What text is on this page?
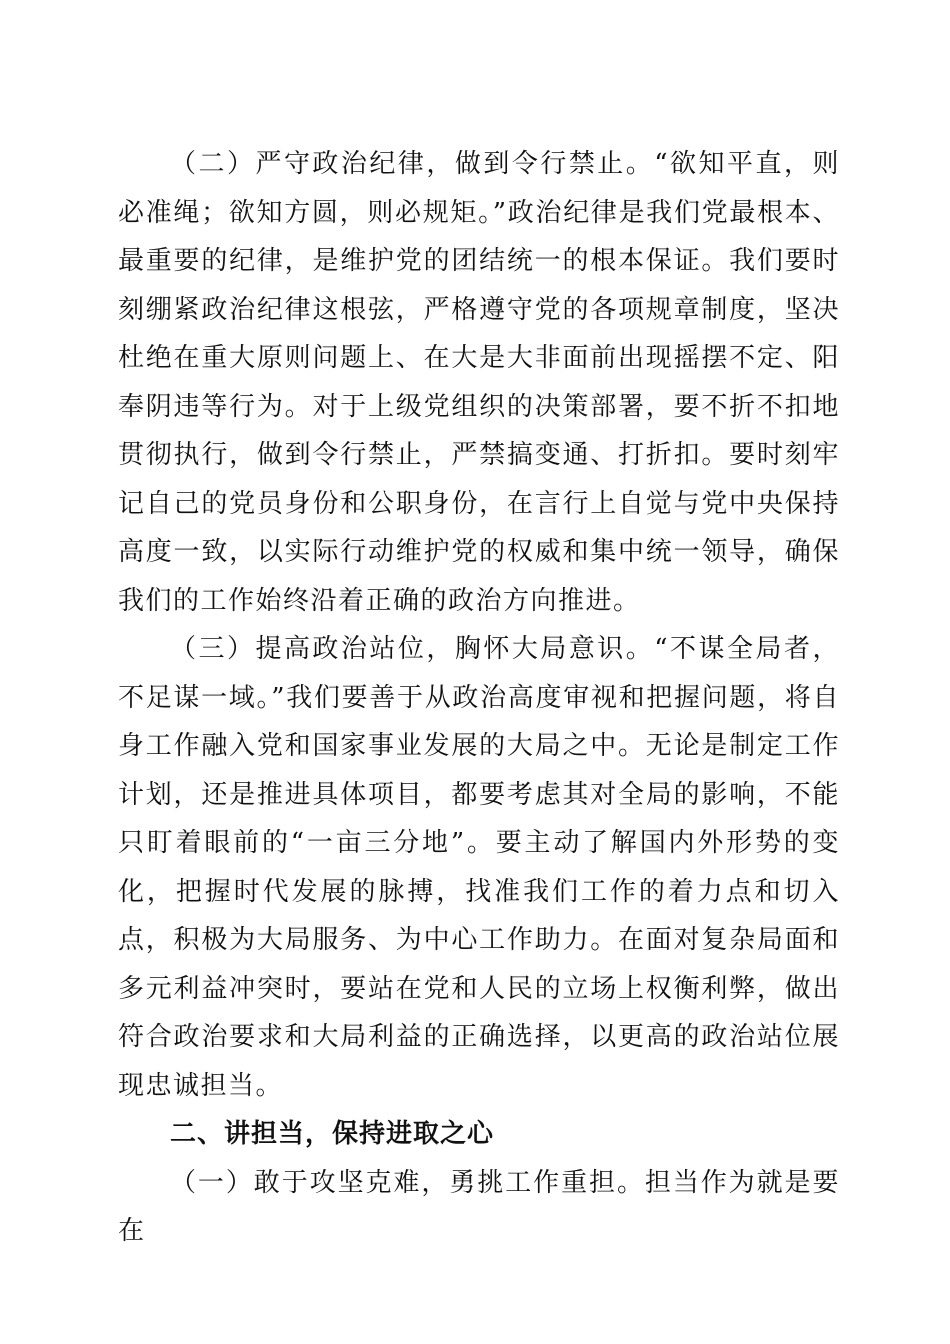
（二）严守政治纪律，做到令行禁止。“欲知平直，则必准绳；欲知方圆，则必规矩。”政治纪律是我们党最根本、最重要的纪律，是维护党的团结统一的根本保证。我们要时刻绷紧政治纪律这根弦，严格遵守党的各项规章制度，坚决杜绝在重大原则问题上、在大是大非面前出现摇摆不定、阳奉阴违等行为。对于上级党组织的决策部署，要不折不扣地贯彻执行，做到令行禁止，严禁搞变通、打折扣。要时刻牢记自己的党员身份和公职身份，在言行上自觉与党中央保持高度一致，以实际行动维护党的权威和集中统一领导，确保我们的工作始终沿着正确的政治方向推进。

（三）提高政治站位，胸怀大局意识。“不谋全局者，不足谋一域。”我们要善于从政治高度审视和把握问题，将自身工作融入党和国家事业发展的大局之中。无论是制定工作计划，还是推进具体项目，都要考虑其对全局的影响，不能只盯着眼前的“一亩三分地”。要主动了解国内外形势的变化，把握时代发展的脉搏，找准我们工作的着力点和切入点，积极为大局服务、为中心工作助力。在面对复杂局面和多元利益冲突时，要站在党和人民的立场上权衡利弊，做出符合政治要求和大局利益的正确选择，以更高的政治站位展现忠诚担当。

二、讲担当，保持进取之心

（一）敢于攻坚克难，勇挑工作重担。担当作为就是要在
